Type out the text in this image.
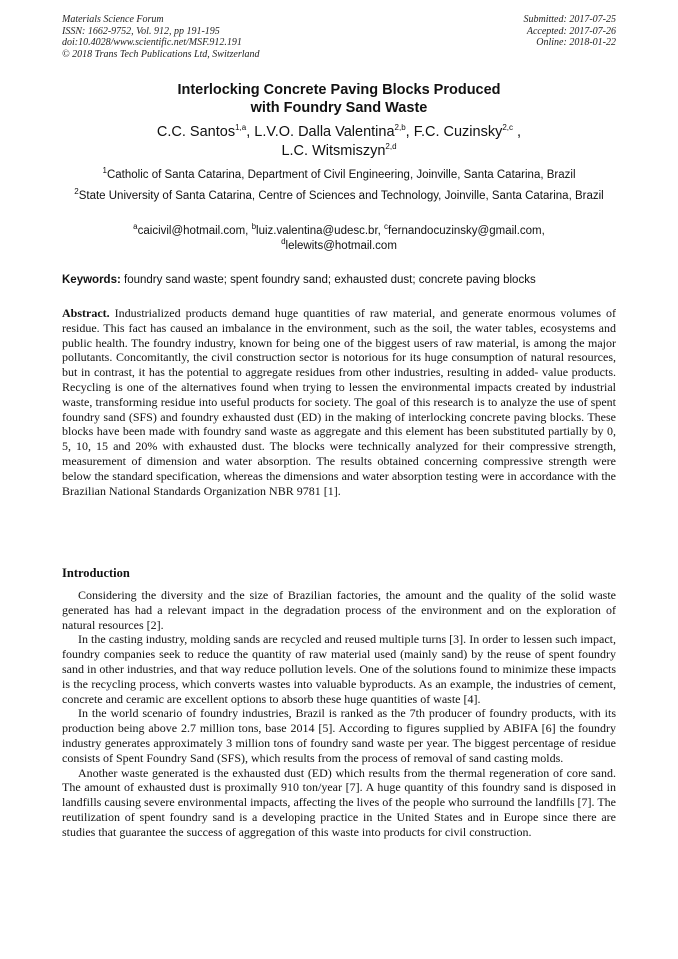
Materials Science Forum
ISSN: 1662-9752, Vol. 912, pp 191-195
doi:10.4028/www.scientific.net/MSF.912.191
© 2018 Trans Tech Publications Ltd, Switzerland
Submitted: 2017-07-25
Accepted: 2017-07-26
Online: 2018-01-22
Interlocking Concrete Paving Blocks Produced
with Foundry Sand Waste
C.C. Santos$^{1,a}$, L.V.O. Dalla Valentina$^{2,b}$, F.C. Cuzinsky$^{2,c}$ ,
L.C. Witsmiszyn$^{2,d}$
$^1$Catholic of Santa Catarina, Department of Civil Engineering, Joinville, Santa Catarina, Brazil
$^2$State University of Santa Catarina, Centre of Sciences and Technology, Joinville, Santa Catarina, Brazil
$^a$caicivil@hotmail.com, $^b$luiz.valentina@udesc.br, $^c$fernandocuzinsky@gmail.com,
$^d$lelewits@hotmail.com
Keywords: foundry sand waste; spent foundry sand; exhausted dust; concrete paving blocks
Abstract. Industrialized products demand huge quantities of raw material, and generate enormous volumes of residue. This fact has caused an imbalance in the environment, such as the soil, the water tables, ecosystems and public health. The foundry industry, known for being one of the biggest users of raw material, is among the major pollutants. Concomitantly, the civil construction sector is notorious for its huge consumption of natural resources, but in contrast, it has the potential to aggregate residues from other industries, resulting in added- value products. Recycling is one of the alternatives found when trying to lessen the environmental impacts created by industrial waste, transforming residue into useful products for society. The goal of this research is to analyze the use of spent foundry sand (SFS) and foundry exhausted dust (ED) in the making of interlocking concrete paving blocks. These blocks have been made with foundry sand waste as aggregate and this element has been substituted partially by 0, 5, 10, 15 and 20% with exhausted dust. The blocks were technically analyzed for their compressive strength, measurement of dimension and water absorption. The results obtained concerning compressive strength were below the standard specification, whereas the dimensions and water absorption testing were in accordance with the Brazilian National Standards Organization NBR 9781 [1].
Introduction

Considering the diversity and the size of Brazilian factories, the amount and the quality of the solid waste generated has had a relevant impact in the degradation process of the environment and on the exploration of natural resources [2].

In the casting industry, molding sands are recycled and reused multiple turns [3]. In order to lessen such impact, foundry companies seek to reduce the quantity of raw material used (mainly sand) by the reuse of spent foundry sand in other industries, and that way reduce pollution levels. One of the solutions found to minimize these impacts is the recycling process, which converts wastes into valuable byproducts. As an example, the industries of cement, concrete and ceramic are excellent options to absorb these huge quantities of waste [4].

In the world scenario of foundry industries, Brazil is ranked as the 7th producer of foundry products, with its production being above 2.7 million tons, base 2014 [5]. According to figures supplied by ABIFA [6] the foundry industry generates approximately 3 million tons of foundry sand waste per year. The biggest percentage of residue consists of Spent Foundry Sand (SFS), which results from the process of removal of sand casting molds.

Another waste generated is the exhausted dust (ED) which results from the thermal regeneration of core sand. The amount of exhausted dust is proximally 910 ton/year [7]. A huge quantity of this foundry sand is disposed in landfills causing severe environmental impacts, affecting the lives of the people who surround the landfills [7]. The reutilization of spent foundry sand is a developing practice in the United States and in Europe since there are studies that guarantee the success of aggregation of this waste into products for civil construction.
